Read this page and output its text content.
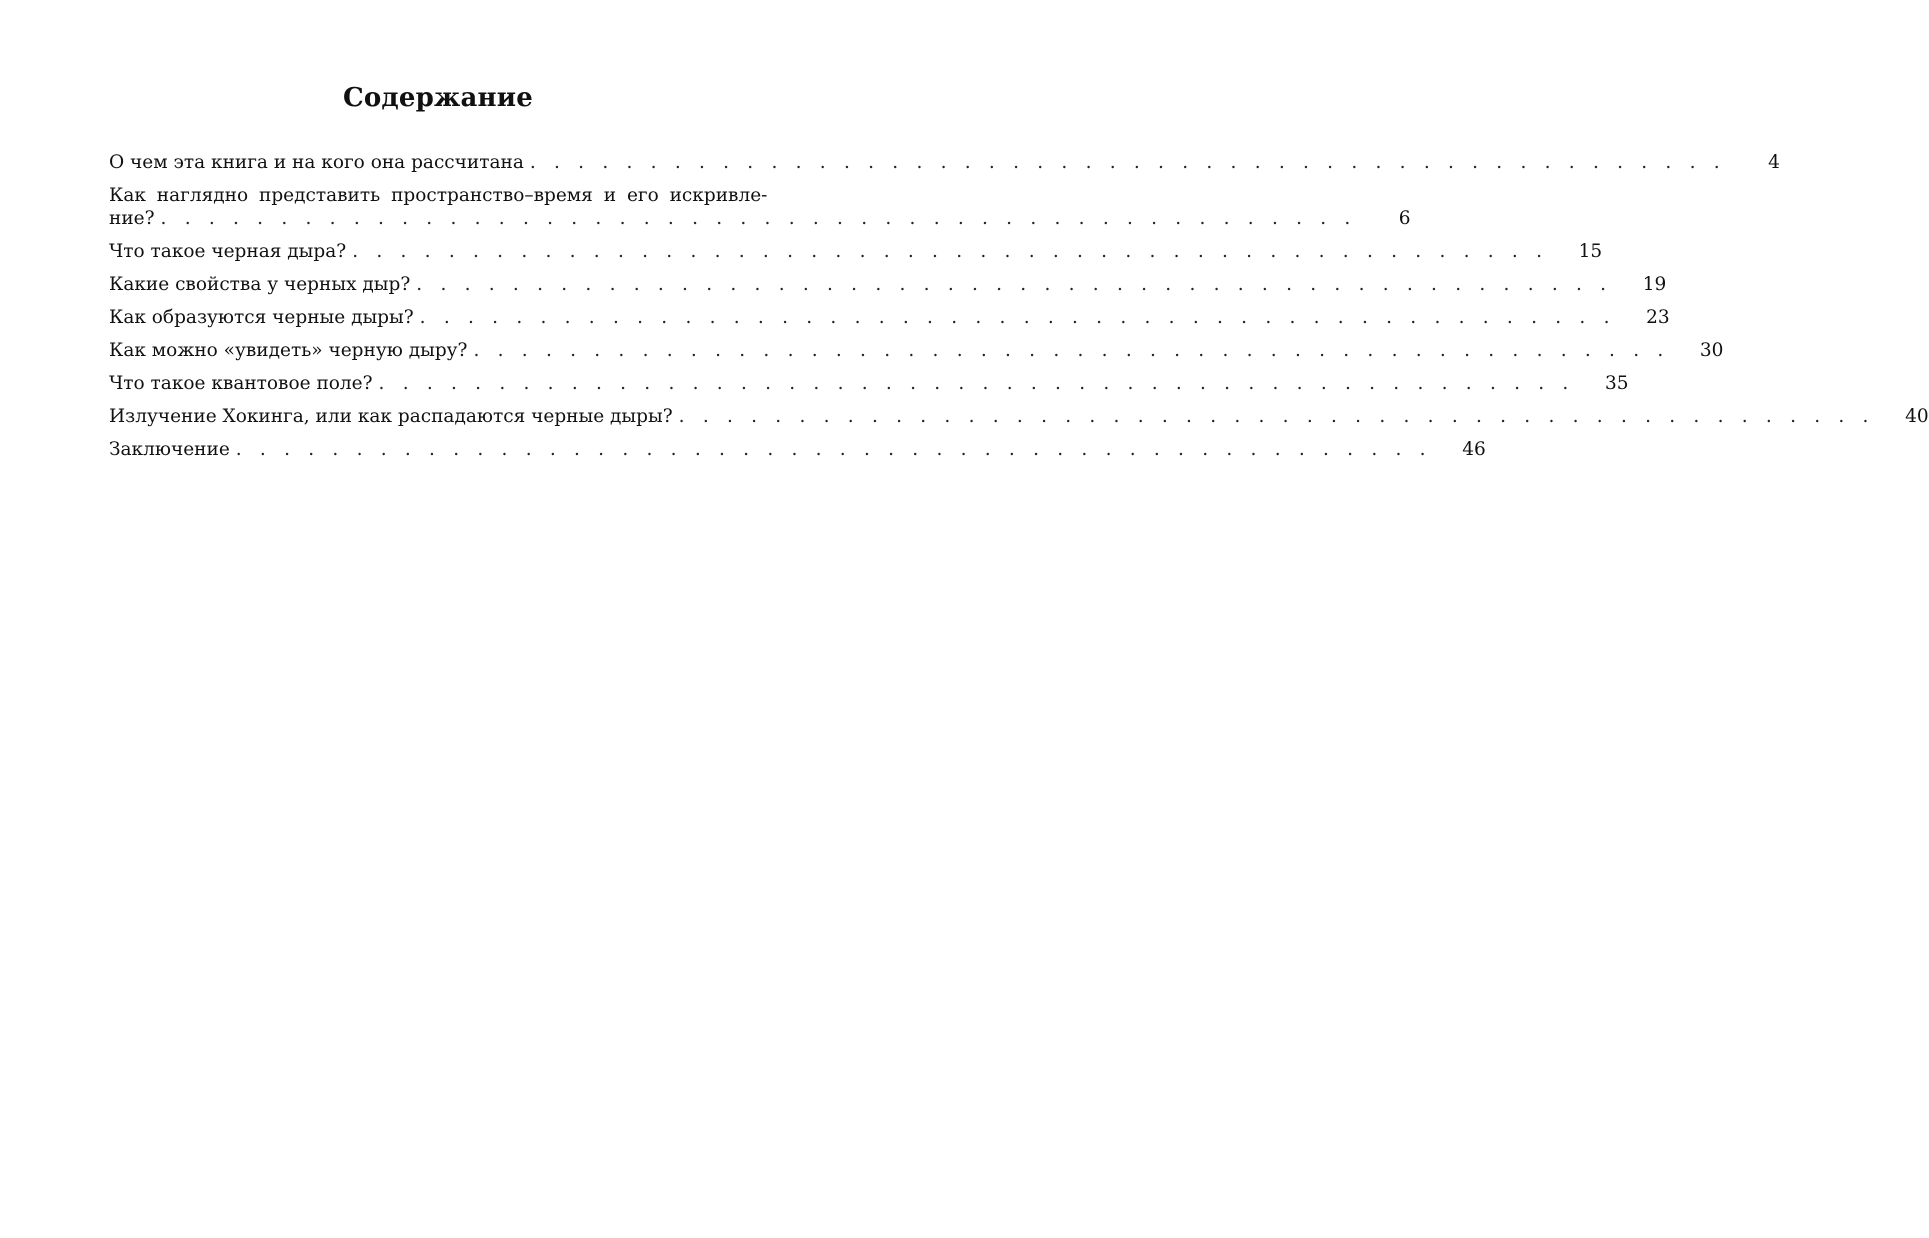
Содержание
О чем эта книга и на кого она рассчитана . . . . . . . . . . . . . . . . . . . . . . . . . . . . . . . . . . . . . . . . . . . . . . . . . .	4
Как наглядно представить пространство–время и его искривле-
ние? . . . . . . . . . . . . . . . . . . . . . . . . . . . . . . . . . . . . . . . . . . . . . . . . . .	6
Что такое черная дыра? . . . . . . . . . . . . . . . . . . . . . . . . . . . . . . . . . . . . . . . . . . . . . . . . . .	15
Какие свойства у черных дыр? . . . . . . . . . . . . . . . . . . . . . . . . . . . . . . . . . . . . . . . . . . . . . . . . . .	19
Как образуются черные дыры? . . . . . . . . . . . . . . . . . . . . . . . . . . . . . . . . . . . . . . . . . . . . . . . . . .	23
Как можно «увидеть» черную дыру? . . . . . . . . . . . . . . . . . . . . . . . . . . . . . . . . . . . . . . . . . . . . . . . . . .	30
Что такое квантовое поле? . . . . . . . . . . . . . . . . . . . . . . . . . . . . . . . . . . . . . . . . . . . . . . . . . .	35
Излучение Хокинга, или как распадаются черные дыры? . . . . . . . . . . . . . . . . . . . . . . . . . . . . . . . . . . . . . . . . . . . . . . . . . .	40
Заключение . . . . . . . . . . . . . . . . . . . . . . . . . . . . . . . . . . . . . . . . . . . . . . . . . .	46
